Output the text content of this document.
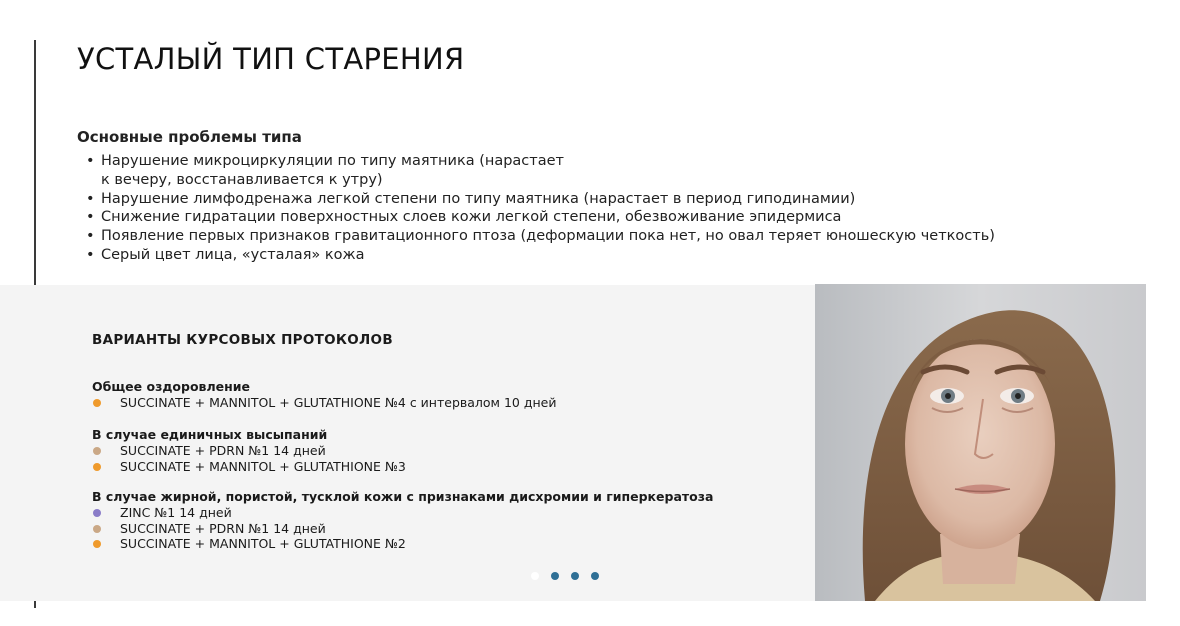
УСТАЛЫЙ ТИП СТАРЕНИЯ
Основные проблемы типа
• Нарушение микроциркуляции по типу маятника (нарастает
к вечеру, восстанавливается к утру)
• Нарушение лимфодренажа легкой степени по типу маятника (нарастает в период гиподинамии)
• Снижение гидратации поверхностных слоев кожи легкой степени, обезвоживание эпидермиса
• Появление первых признаков гравитационного птоза (деформации пока нет, но овал теряет юношескую четкость)
• Серый цвет лица, «усталая» кожа
ВАРИАНТЫ КУРСОВЫХ ПРОТОКОЛОВ
Общее оздоровление
SUCCINATE + MANNITOL + GLUTATHIONE №4 с интервалом 10 дней
В случае единичных высыпаний
SUCCINATE + PDRN №1 14 дней
SUCCINATE + MANNITOL + GLUTATHIONE №3
В случае жирной, пористой, тусклой кожи с признаками дисхромии и гиперкератоза
ZINC №1 14 дней
SUCCINATE + PDRN №1 14 дней
SUCCINATE + MANNITOL + GLUTATHIONE №2
